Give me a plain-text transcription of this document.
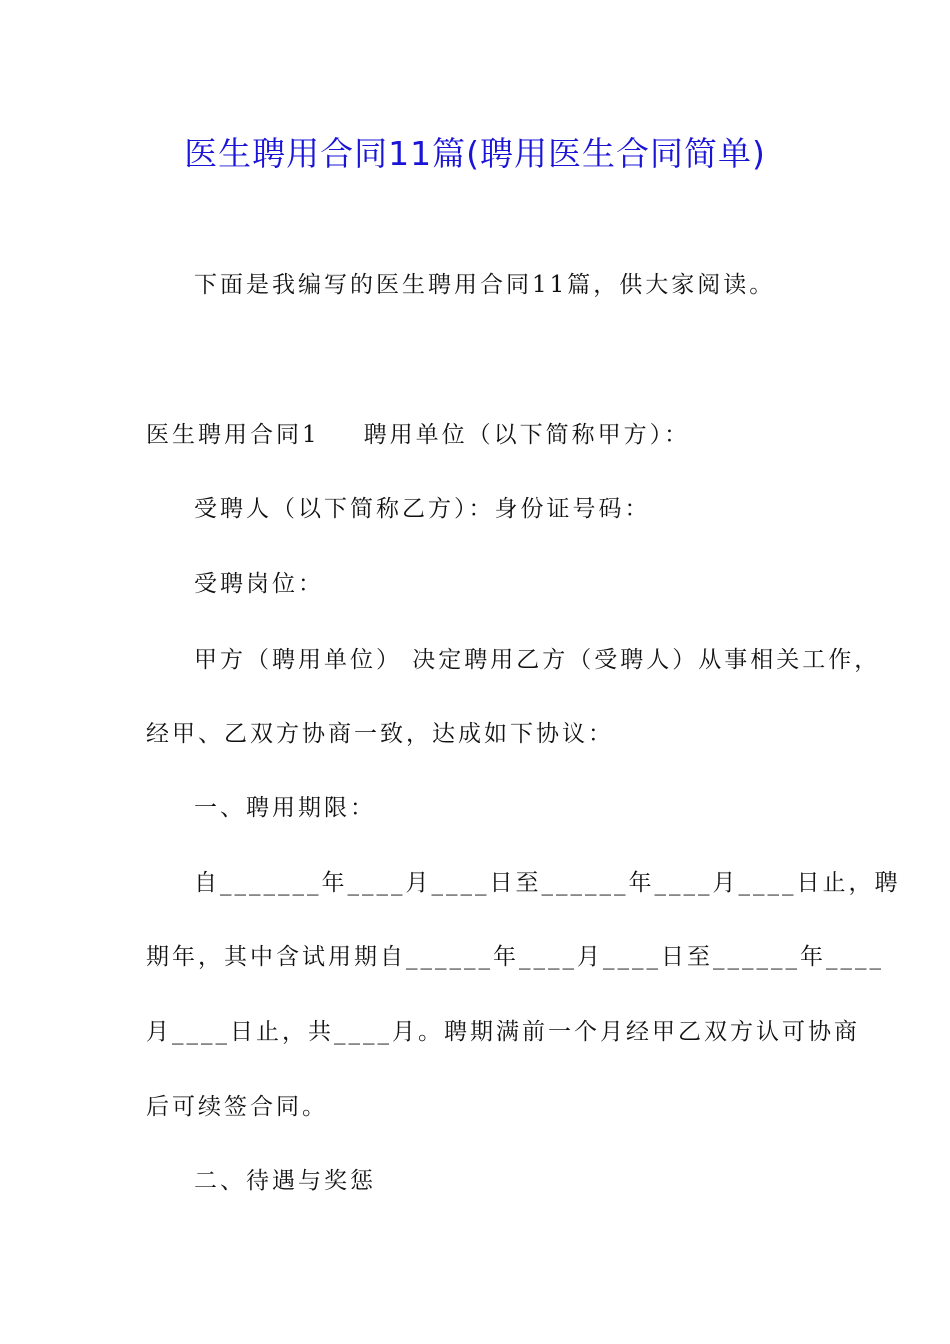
医生聘用合同11篇(聘用医生合同简单)
下面是我编写的医生聘用合同11篇，供大家阅读。
医生聘用合同1 聘用单位（以下简称甲方）：
受聘人（以下简称乙方）：身份证号码：
受聘岗位：
甲方（聘用单位） 决定聘用乙方（受聘人）从事相关工作，
经甲、乙双方协商一致，达成如下协议：
一、聘用期限：
自_______年____月____日至______年____月____日止，聘
期年，其中含试用期自______年____月____日至______年____
月____日止，共____月。聘期满前一个月经甲乙双方认可协商
后可续签合同。
二、待遇与奖惩
